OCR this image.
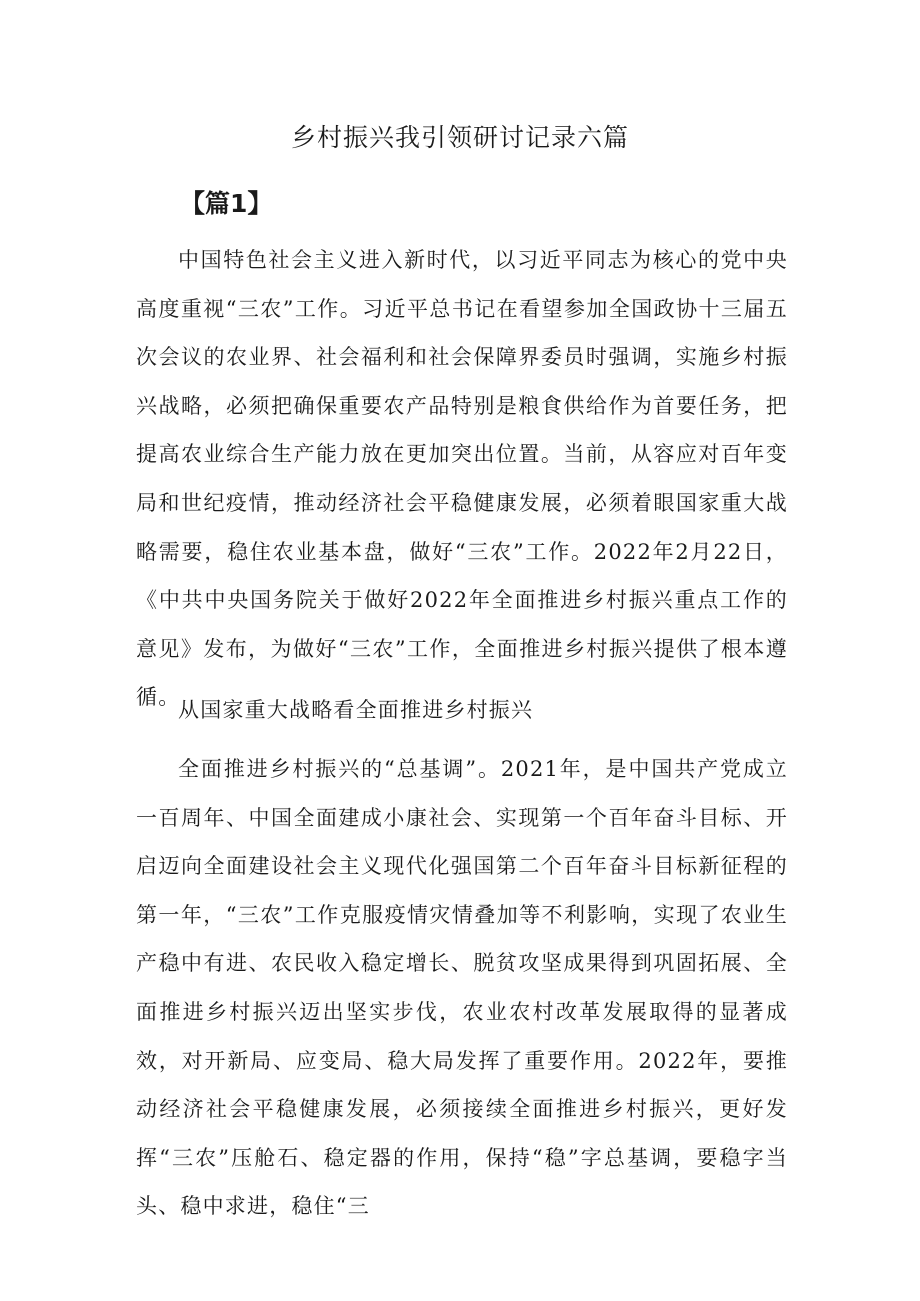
乡村振兴我引领研讨记录六篇
【篇1】

中国特色社会主义进入新时代，以习近平同志为核心的党中央高度重视“三农”工作。习近平总书记在看望参加全国政协十三届五次会议的农业界、社会福利和社会保障界委员时强调，实施乡村振兴战略，必须把确保重要农产品特别是粮食供给作为首要任务，把提高农业综合生产能力放在更加突出位置。当前，从容应对百年变局和世纪疫情，推动经济社会平稳健康发展，必须着眼国家重大战略需要，稳住农业基本盘，做好“三农”工作。2022年2月22日，《中共中央国务院关于做好2022年全面推进乡村振兴重点工作的意见》发布，为做好“三农”工作，全面推进乡村振兴提供了根本遵循。

从国家重大战略看全面推进乡村振兴

全面推进乡村振兴的“总基调”。2021年，是中国共产党成立一百周年、中国全面建成小康社会、实现第一个百年奋斗目标、开启迈向全面建设社会主义现代化强国第二个百年奋斗目标新征程的第一年，“三农”工作克服疫情灾情叠加等不利影响，实现了农业生产稳中有进、农民收入稳定增长、脱贫攻坚成果得到巩固拓展、全面推进乡村振兴迈出坚实步伐，农业农村改革发展取得的显著成效，对开新局、应变局、稳大局发挥了重要作用。2022年，要推动经济社会平稳健康发展，必须接续全面推进乡村振兴，更好发挥“三农”压舱石、稳定器的作用，保持“稳”字总基调，要稳字当头、稳中求进，稳住“三
